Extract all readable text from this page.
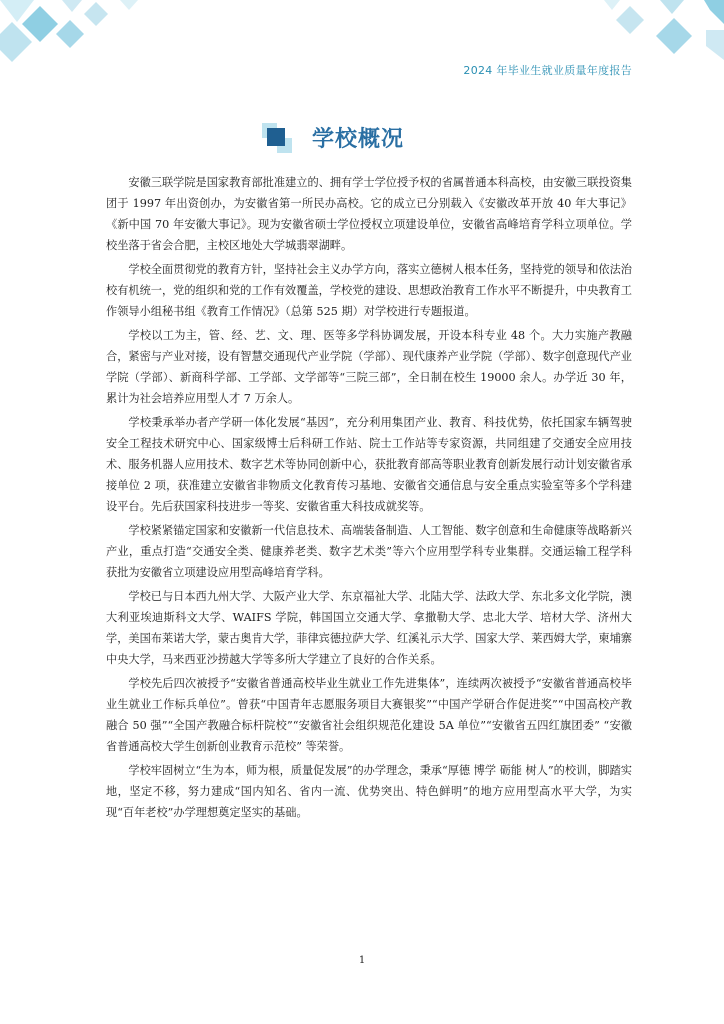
2024 年毕业生就业质量年度报告
学校概况

安徽三联学院是国家教育部批准建立的、拥有学士学位授予权的省属普通本科高校，由安徽三联投资集团于 1997 年出资创办，为安徽省第一所民办高校。它的成立已分别载入《安徽改革开放 40 年大事记》《新中国 70 年安徽大事记》。现为安徽省硕士学位授权立项建设单位，安徽省高峰培育学科立项单位。学校坐落于省会合肥，主校区地处大学城翡翠湖畔。

学校全面贯彻党的教育方针，坚持社会主义办学方向，落实立德树人根本任务，坚持党的领导和依法治校有机统一，党的组织和党的工作有效覆盖，学校党的建设、思想政治教育工作水平不断提升，中央教育工作领导小组秘书组《教育工作情况》（总第 525 期）对学校进行专题报道。

学校以工为主，管、经、艺、文、理、医等多学科协调发展，开设本科专业 48 个。大力实施产教融合，紧密与产业对接，设有智慧交通现代产业学院（学部）、现代康养产业学院（学部）、数字创意现代产业学院（学部）、新商科学部、工学部、文学部等“三院三部”，全日制在校生 19000 余人。办学近 30 年，累计为社会培养应用型人才 7 万余人。

学校秉承举办者产学研一体化发展“基因”，充分利用集团产业、教育、科技优势，依托国家车辆驾驶安全工程技术研究中心、国家级博士后科研工作站、院士工作站等专家资源，共同组建了交通安全应用技术、服务机器人应用技术、数字艺术等协同创新中心，获批教育部高等职业教育创新发展行动计划安徽省承接单位 2 项，获准建立安徽省非物质文化教育传习基地、安徽省交通信息与安全重点实验室等多个学科建设平台。先后获国家科技进步一等奖、安徽省重大科技成就奖等。

学校紧紧锚定国家和安徽新一代信息技术、高端装备制造、人工智能、数字创意和生命健康等战略新兴产业，重点打造“交通安全类、健康养老类、数字艺术类”等六个应用型学科专业集群。交通运输工程学科获批为安徽省立项建设应用型高峰培育学科。

学校已与日本西九州大学、大阪产业大学、东京福祉大学、北陆大学、法政大学、东北多文化学院，澳大利亚埃迪斯科文大学、WAIFS 学院，韩国国立交通大学、拿撒勒大学、忠北大学、培材大学、济州大学，美国布莱诺大学，蒙古奥肯大学，菲律宾德拉萨大学、红溪礼示大学、国家大学、莱西姆大学，柬埔寨中央大学，马来西亚沙捞越大学等多所大学建立了良好的合作关系。

学校先后四次被授予“安徽省普通高校毕业生就业工作先进集体”，连续两次被授予“安徽省普通高校毕业生就业工作标兵单位”。曾获“中国青年志愿服务项目大赛银奖”“中国产学研合作促进奖”“中国高校产教融合 50 强”“全国产教融合标杆院校”“安徽省社会组织规范化建设 5A 单位”“安徽省五四红旗团委” “安徽省普通高校大学生创新创业教育示范校” 等荣誉。

学校牢固树立“生为本，师为根，质量促发展”的办学理念，秉承“厚德 博学 砺能 树人”的校训，脚踏实地，坚定不移，努力建成“国内知名、省内一流、优势突出、特色鲜明”的地方应用型高水平大学，为实现“百年老校”办学理想奠定坚实的基础。

1
